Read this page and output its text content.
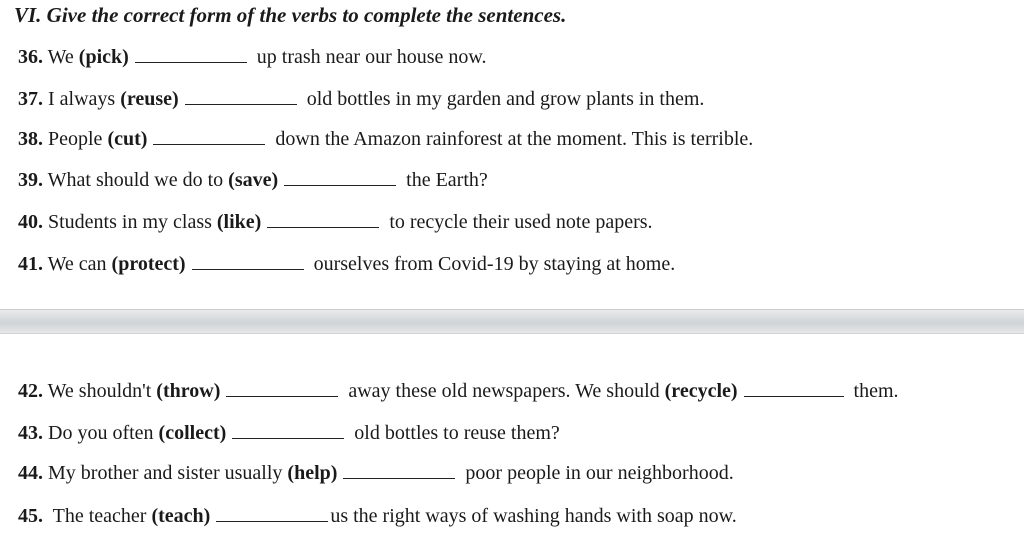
VI. Give the correct form of the verbs to complete the sentences.
36. We (pick)	up trash near our house now.
37. I always (reuse)	old bottles in my garden and grow plants in them.
38. People (cut)	down the Amazon rainforest at the moment. This is terrible.
39. What should we do to (save)	the Earth?
40. Students in my class (like)	to recycle their used note papers.
41. We can (protect)	ourselves from Covid-19 by staying at home.
42. We shouldn't (throw)	away these old newspapers. We should (recycle)	them.
43. Do you often (collect)	old bottles to reuse them?
44. My brother and sister usually (help)	poor people in our neighborhood.
45.  The teacher (teach)	us the right ways of washing hands with soap now.
